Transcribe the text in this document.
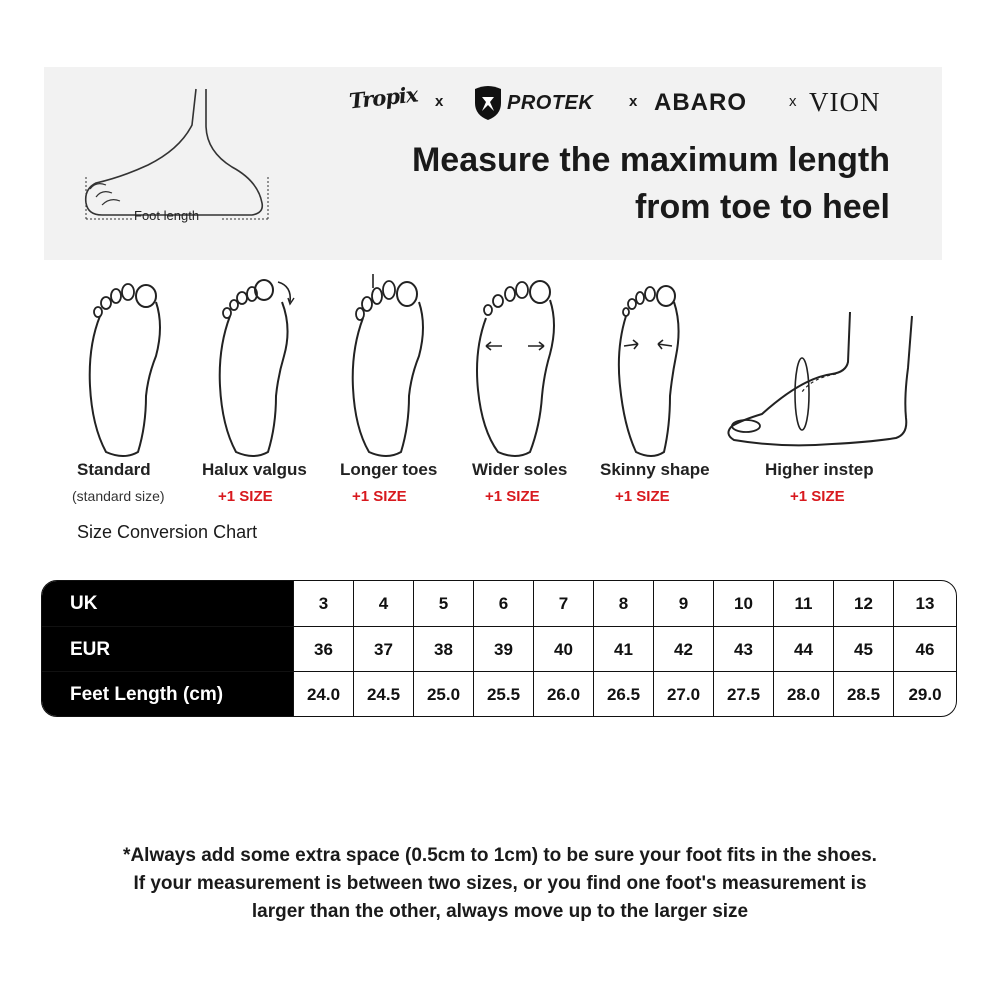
Foot length
Tropix x	PROTEK x ABARO	x VION
Measure the maximum length
from toe to heel
Standard
(standard size)
Halux valgus
+1 SIZE
Longer toes
+1 SIZE
Wider soles
+1 SIZE
Skinny shape
+1 SIZE
Higher instep
+1 SIZE
Size Conversion Chart
UK	3	4	5	6	7	8	9	10	11	12	13
EUR	36	37	38	39	40	41	42	43	44	45	46
Feet Length (cm)	24.0	24.5	25.0	25.5	26.0	26.5	27.0	27.5	28.0	28.5	29.0
*Always add some extra space (0.5cm to 1cm) to be sure your foot fits in the shoes.
If your measurement is between two sizes, or you find one foot's measurement is
larger than the other, always move up to the larger size
